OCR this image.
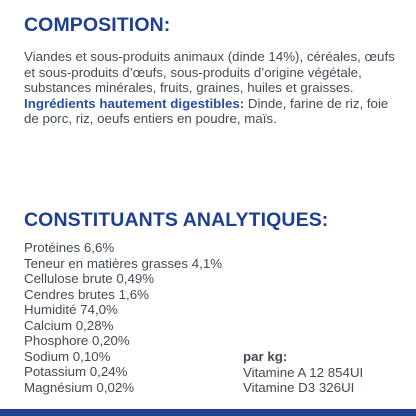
COMPOSITION:

Viandes et sous-produits animaux (dinde 14%), céréales, œufs et sous-produits d’œufs, sous-produits d’origine végétale, substances minérales, fruits, graines, huiles et graisses.

Ingrédients hautement digestibles: Dinde, farine de riz, foie de porc, riz, oeufs entiers en poudre, maïs.

CONSTITUANTS ANALYTIQUES:
Protéines 6,6%
Teneur en matières grasses 4,1%
Cellulose brute 0,49%
Cendres brutes 1,6%
Humidité 74,0%
Calcium 0,28%
Phosphore 0,20%
Sodium 0,10%
Potassium 0,24%
Magnésium 0,02%
par kg:
Vitamine A 12 854UI
Vitamine D3 326UI
